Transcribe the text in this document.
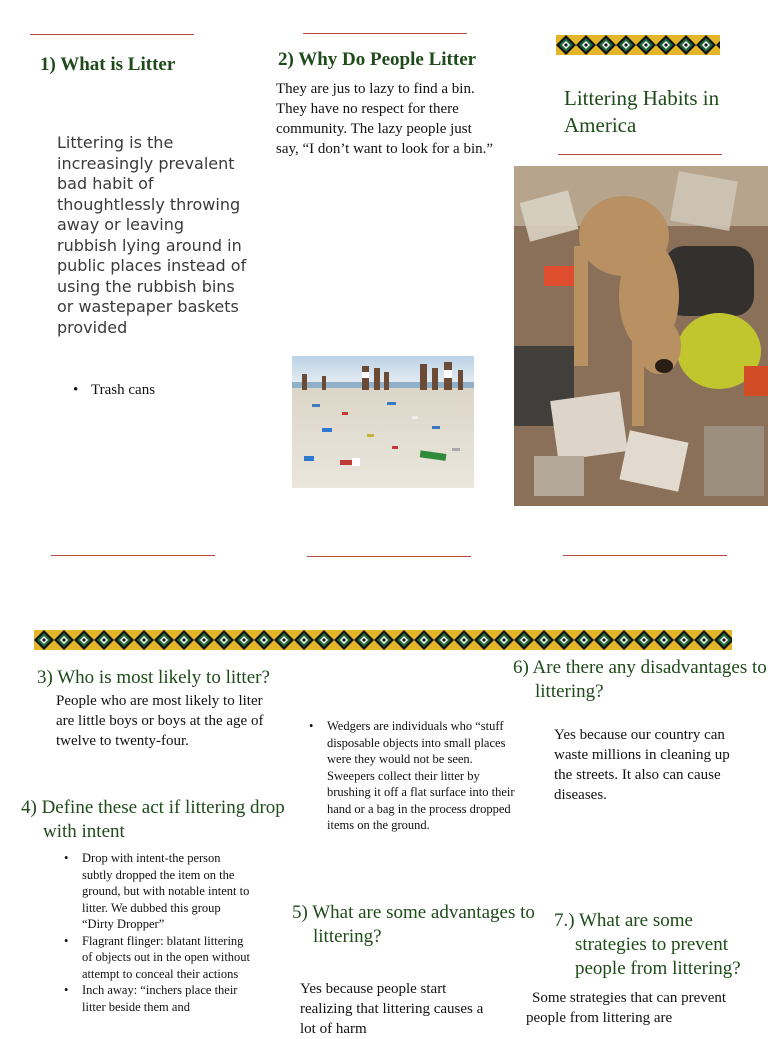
1) What is Litter	2) Why Do People Litter
Littering Habits in America
Littering is the increasingly prevalent bad habit of thoughtlessly throwing away or leaving rubbish lying around in public places instead of using the rubbish bins or wastepaper baskets provided
• Trash cans
They are jus to lazy to find a bin. They have no respect for there community. The lazy people just say, “I don’t want to look for a bin.”
3) Who is most likely to litter?
People who are most likely to liter are little boys or boys at the age of twelve to twenty-four.
4) Define these act if littering drop with intent
• Drop with intent-the person subtly dropped the item on the ground, but with notable intent to litter. We dubbed this group “Dirty Dropper”
• Flagrant flinger: blatant littering of objects out in the open without attempt to conceal their actions
• Inch away: “inchers place their litter beside them and
• Wedgers are individuals who “stuff disposable objects into small places were they would not be seen.
Sweepers collect their litter by brushing it off a flat surface into their hand or a bag in the process dropped items on the ground.
5) What are some advantages to littering?
Yes because people start realizing that littering causes a lot of harm
6) Are there any disadvantages to littering?
Yes because our country can waste millions in cleaning up the streets. It also can cause diseases.
7.) What are some strategies to prevent people from littering?
Some strategies that can prevent people from littering are
